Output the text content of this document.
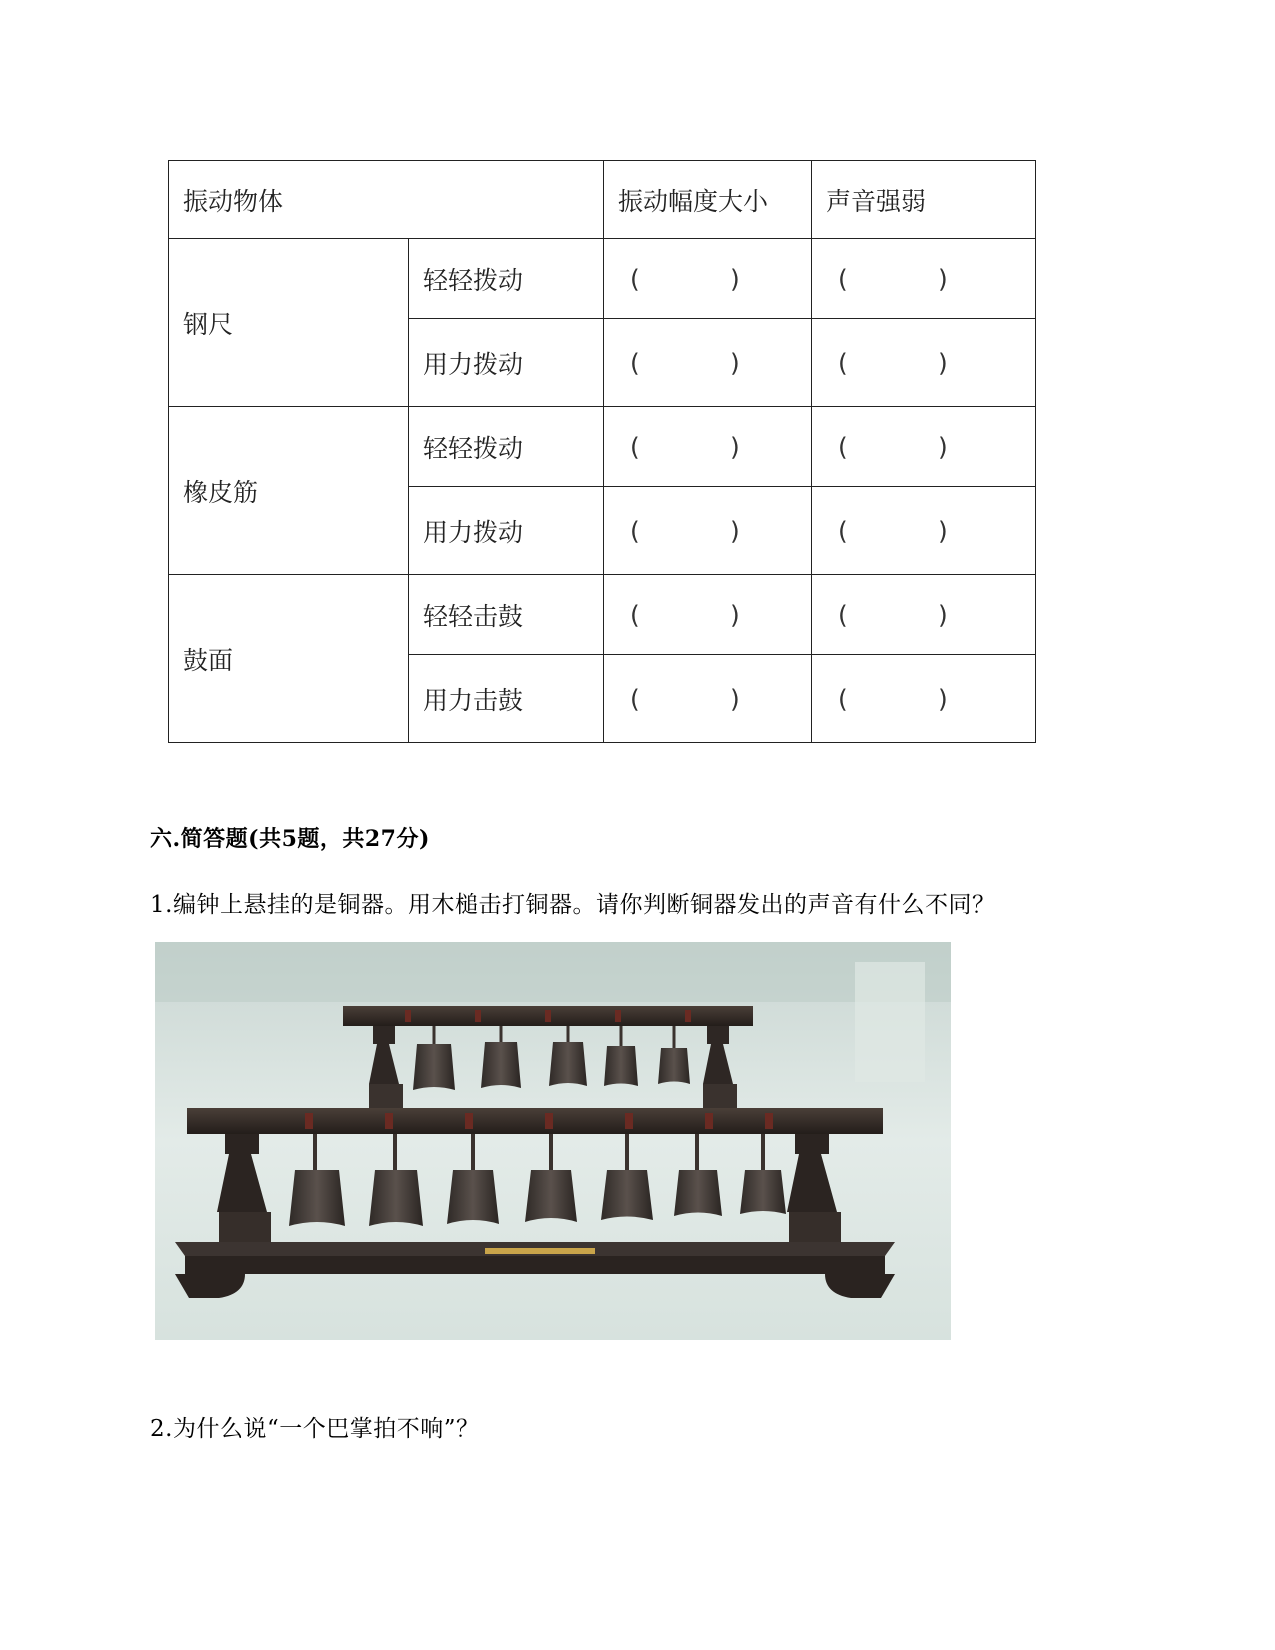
振动物体		振动幅度大小	声音强弱
钢尺	轻轻拨动	( )	( )

	用力拨动	( )	( )

橡皮筋	轻轻拨动	( )	( )

	用力拨动	( )	( )

鼓面	轻轻击鼓	( )	( )

	用力击鼓	( )	( )
六.简答题(共5题，共27分)
1.编钟上悬挂的是铜器。用木槌击打铜器。请你判断铜器发出的声音有什么不同？
2.为什么说“一个巴掌拍不响”？
